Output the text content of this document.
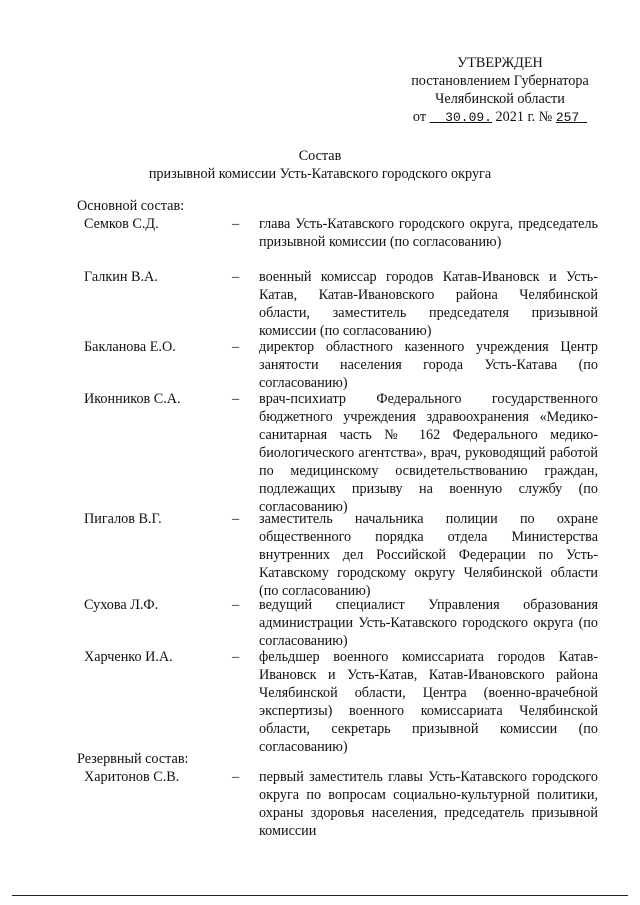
УТВЕРЖДЕН
постановлением Губернатора
Челябинской области
от 30.09. 2021 г. № 257
Состав
призывной комиссии Усть-Катавского городского округа
Основной состав:
Семков С.Д.	–	глава Усть-Катавского городского округа, председатель призывной комиссии (по согласованию)
Галкин В.А.	–	военный комиссар городов Катав-Ивановск и Усть-Катав, Катав-Ивановского района Челябинской области, заместитель председателя призывной комиссии (по согласованию)
Бакланова Е.О.	–	директор областного казенного учреждения Центр занятости населения города Усть-Катава (по согласованию)
Иконников С.А.	–	врач-психиатр Федерального государственного бюджетного учреждения здравоохранения «Медико-санитарная часть № 162 Федерального медико-биологического агентства», врач, руководящий работой по медицинскому освидетельствованию граждан, подлежащих призыву на военную службу (по согласованию)
Пигалов В.Г.	–	заместитель начальника полиции по охране общественного порядка отдела Министерства внутренних дел Российской Федерации по Усть-Катавскому городскому округу Челябинской области (по согласованию)
Сухова Л.Ф.	–	ведущий специалист Управления образования администрации Усть-Катавского городского округа (по согласованию)
Харченко И.А.	–	фельдшер военного комиссариата городов Катав-Ивановск и Усть-Катав, Катав-Ивановского района Челябинской области, Центра (военно-врачебной экспертизы) военного комиссариата Челябинской области, секретарь призывной комиссии (по согласованию)
Резервный состав:
Харитонов С.В.	–	первый заместитель главы Усть-Катавского городского округа по вопросам социально-культурной политики, охраны здоровья населения, председатель призывной комиссии
